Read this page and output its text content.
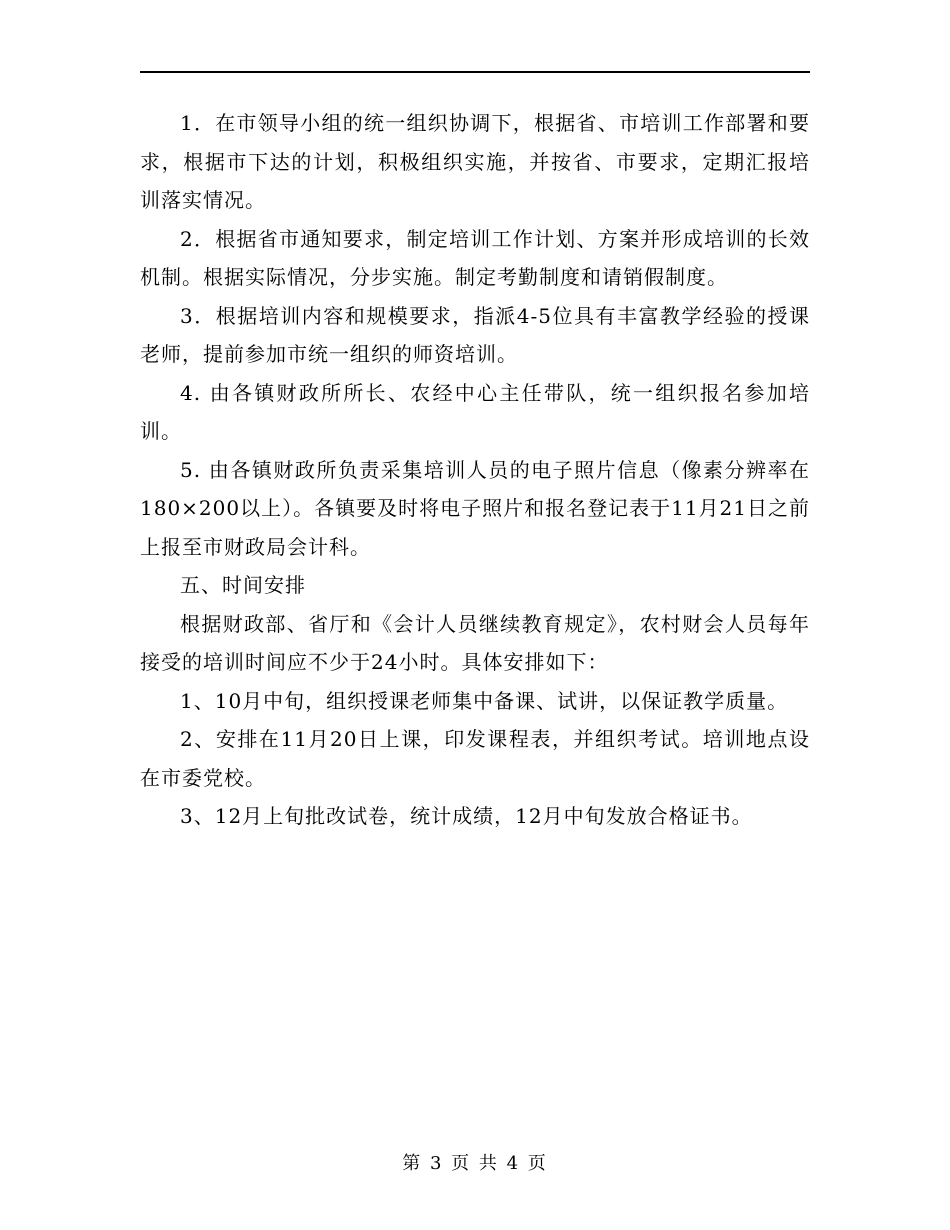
1．在市领导小组的统一组织协调下，根据省、市培训工作部署和要求，根据市下达的计划，积极组织实施，并按省、市要求，定期汇报培训落实情况。

2．根据省市通知要求，制定培训工作计划、方案并形成培训的长效机制。根据实际情况，分步实施。制定考勤制度和请销假制度。

3．根据培训内容和规模要求，指派4-5位具有丰富教学经验的授课老师，提前参加市统一组织的师资培训。

4. 由各镇财政所所长、农经中心主任带队，统一组织报名参加培训。

5. 由各镇财政所负责采集培训人员的电子照片信息（像素分辨率在180×200以上）。各镇要及时将电子照片和报名登记表于11月21日之前上报至市财政局会计科。

五、时间安排

根据财政部、省厅和《会计人员继续教育规定》，农村财会人员每年接受的培训时间应不少于24小时。具体安排如下：

1、10月中旬，组织授课老师集中备课、试讲，以保证教学质量。

2、安排在11月20日上课，印发课程表，并组织考试。培训地点设在市委党校。

3、12月上旬批改试卷，统计成绩，12月中旬发放合格证书。

第 3 页 共 4 页
